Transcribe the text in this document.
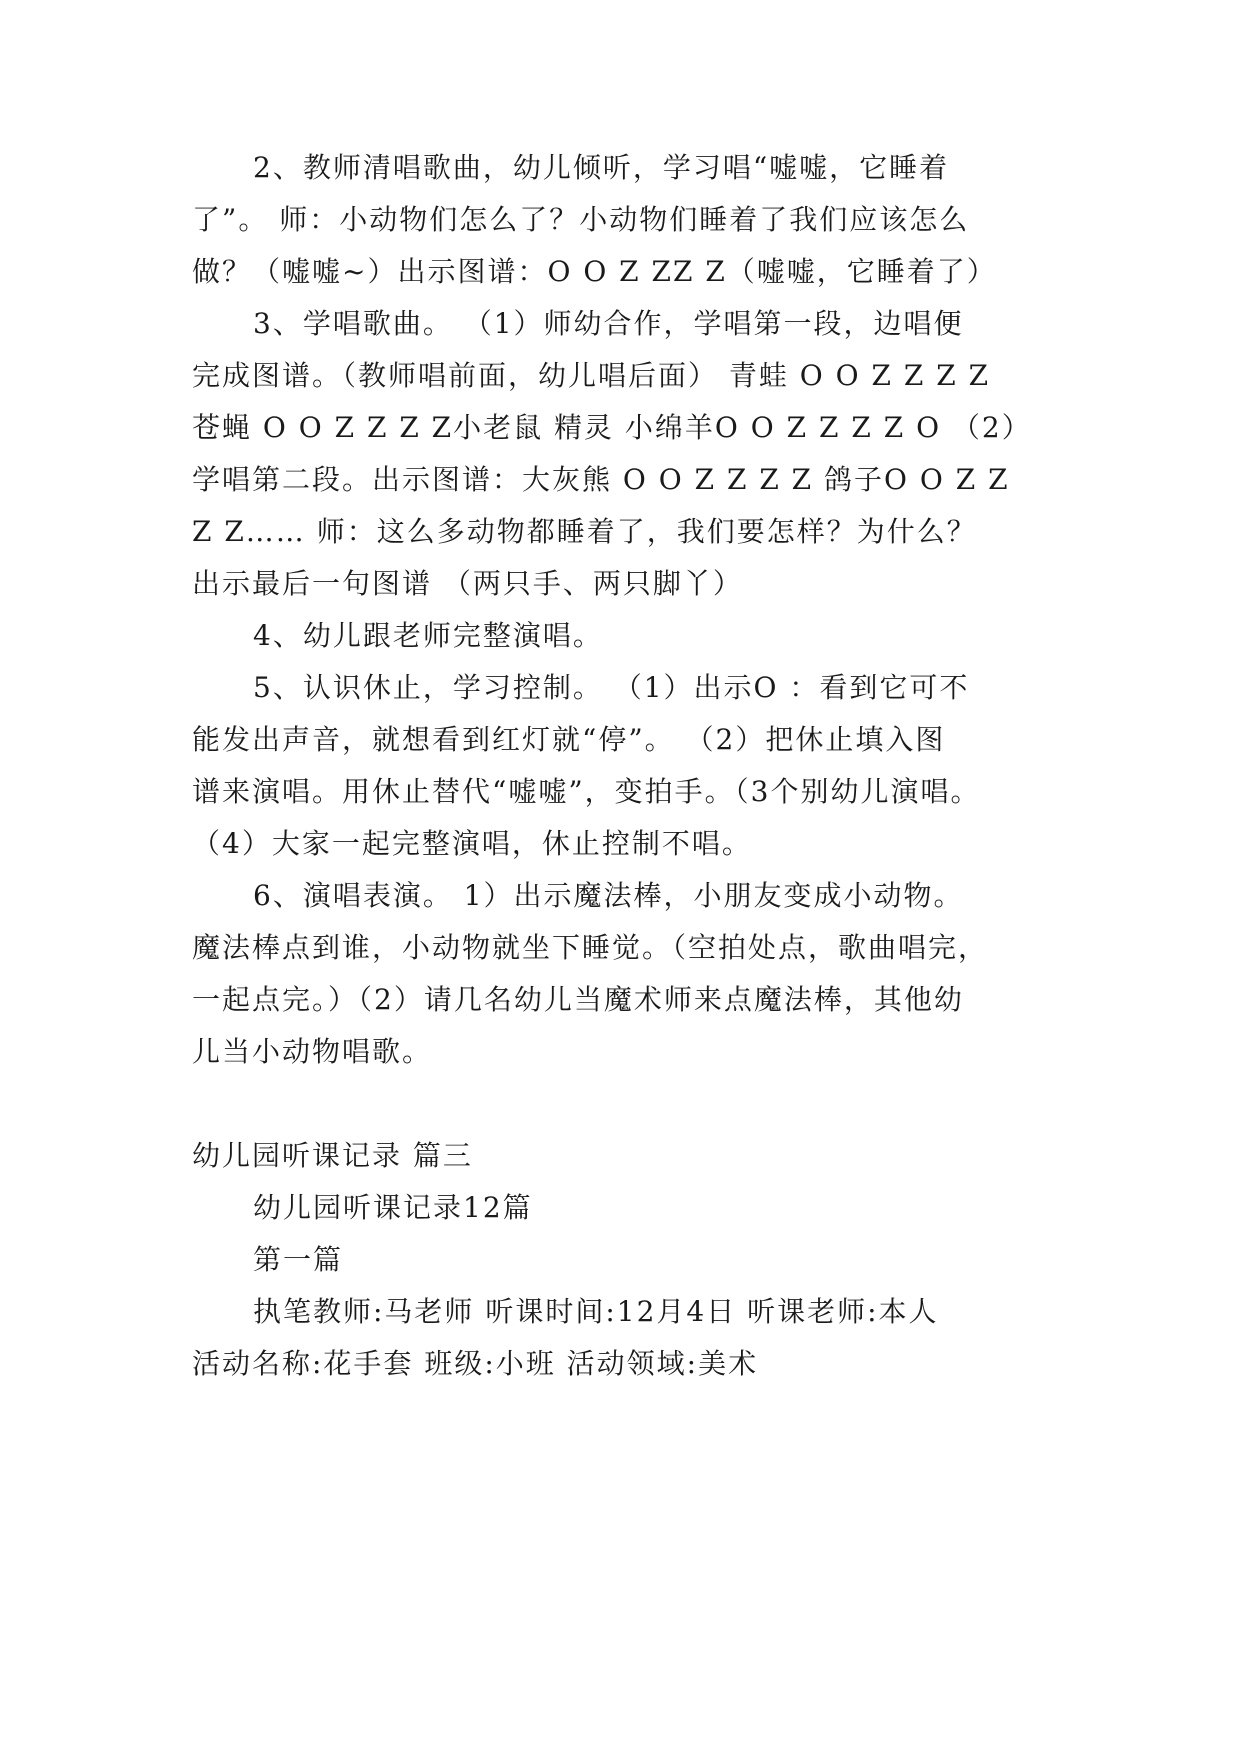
2、教师清唱歌曲，幼儿倾听，学习唱“嘘嘘，它睡着
了”。 师：小动物们怎么了？小动物们睡着了我们应该怎么
做？（嘘嘘~）出示图谱：O O Z ZZ Z（嘘嘘，它睡着了）
3、学唱歌曲。 （1）师幼合作，学唱第一段，边唱便
完成图谱。（教师唱前面，幼儿唱后面） 青蛙 O O Z Z Z Z
苍蝇 O O Z Z Z Z小老鼠 精灵 小绵羊O O Z Z Z Z O （2）
学唱第二段。出示图谱：大灰熊 O O Z Z Z Z 鸽子O O Z Z
Z Z…… 师：这么多动物都睡着了，我们要怎样？为什么？
出示最后一句图谱 （两只手、两只脚丫）
4、幼儿跟老师完整演唱。
5、认识休止，学习控制。 （1）出示O ：看到它可不
能发出声音，就想看到红灯就“停”。 （2）把休止填入图
谱来演唱。用休止替代“嘘嘘”，变拍手。（3个别幼儿演唱。
（4）大家一起完整演唱，休止控制不唱。
6、演唱表演。 1）出示魔法棒，小朋友变成小动物。
魔法棒点到谁，小动物就坐下睡觉。（空拍处点，歌曲唱完，
一起点完。）（2）请几名幼儿当魔术师来点魔法棒，其他幼
儿当小动物唱歌。
幼儿园听课记录 篇三
幼儿园听课记录12篇
第一篇
执笔教师:马老师 听课时间:12月4日 听课老师:本人
活动名称:花手套 班级:小班 活动领域:美术
